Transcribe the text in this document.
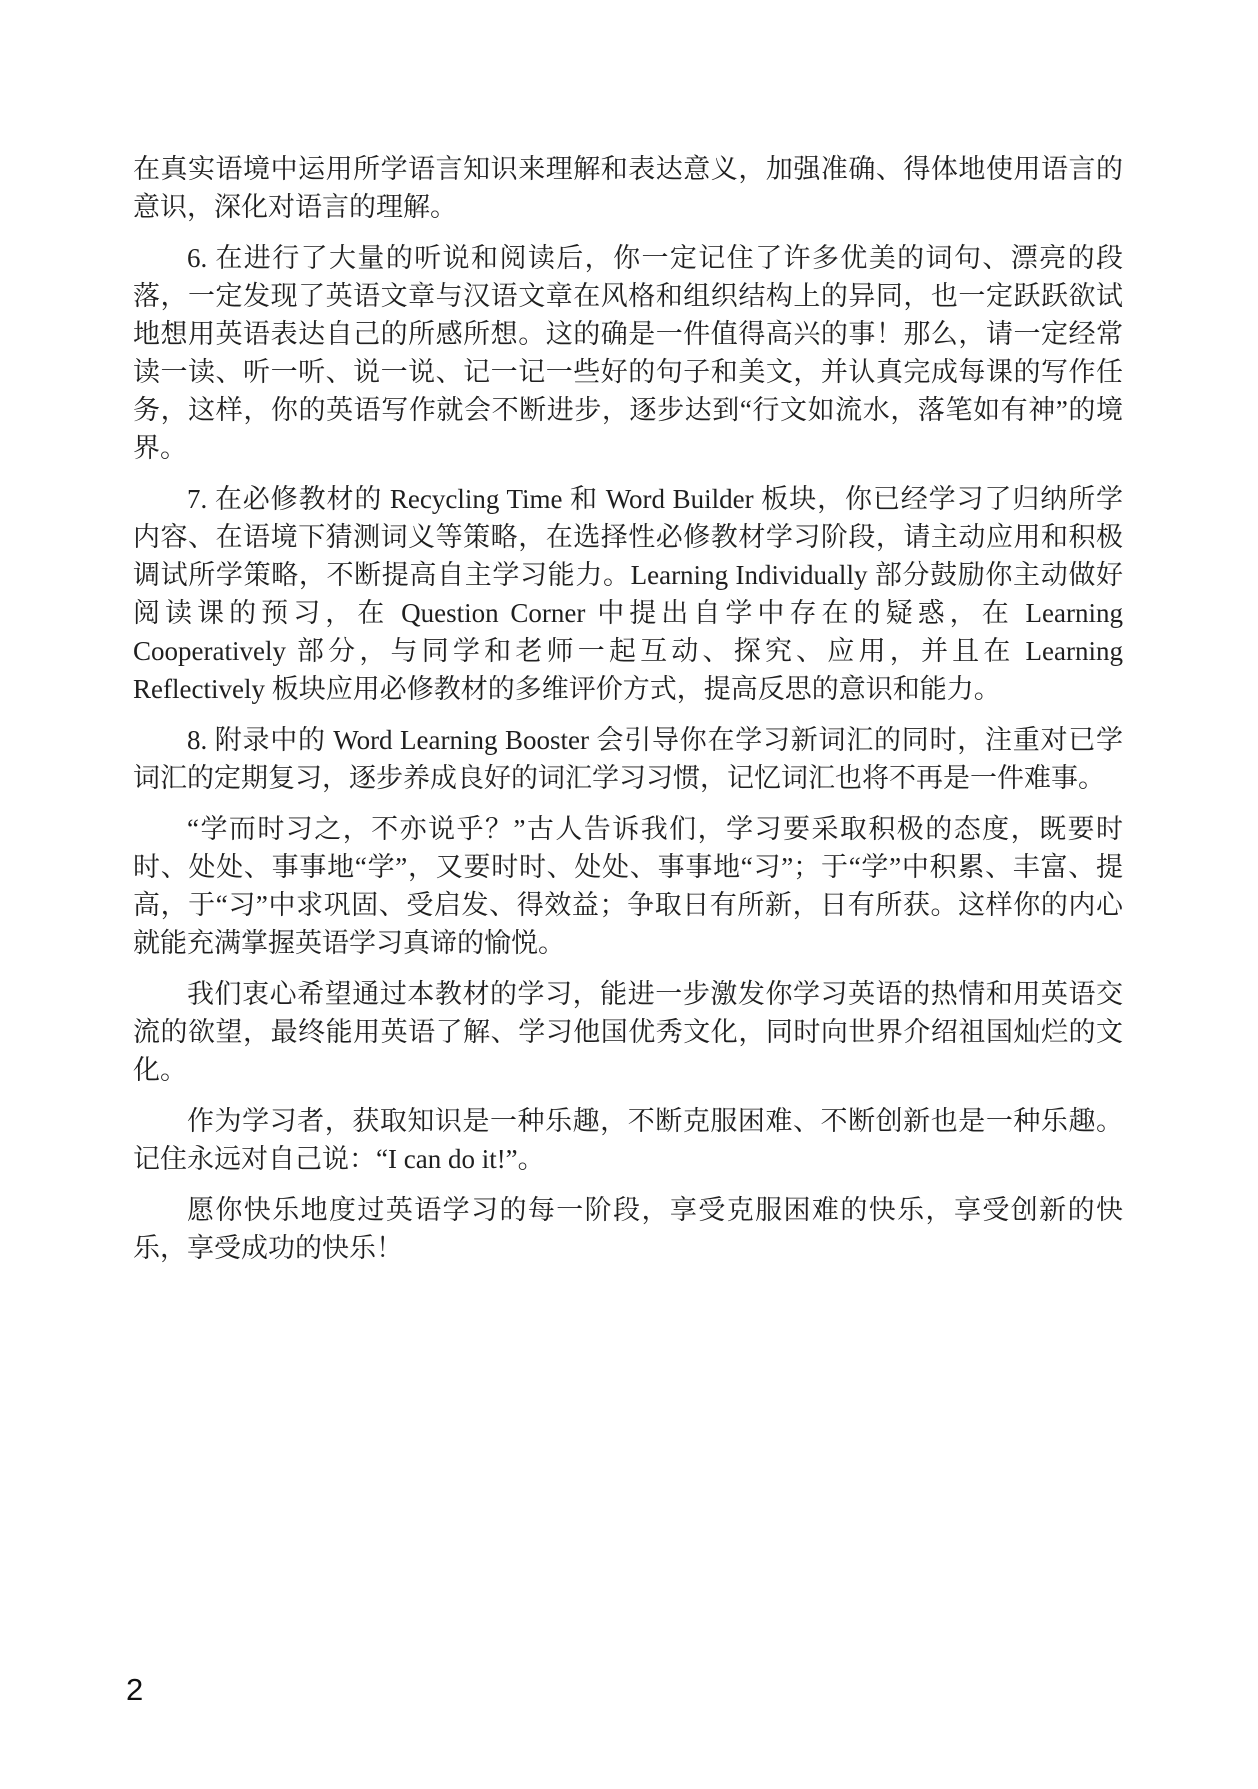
在真实语境中运用所学语言知识来理解和表达意义，加强准确、得体地使用语言的意识，深化对语言的理解。

6. 在进行了大量的听说和阅读后，你一定记住了许多优美的词句、漂亮的段落，一定发现了英语文章与汉语文章在风格和组织结构上的异同，也一定跃跃欲试地想用英语表达自己的所感所想。这的确是一件值得高兴的事！那么，请一定经常读一读、听一听、说一说、记一记一些好的句子和美文，并认真完成每课的写作任务，这样，你的英语写作就会不断进步，逐步达到“行文如流水，落笔如有神”的境界。

7. 在必修教材的 Recycling Time 和 Word Builder 板块，你已经学习了归纳所学内容、在语境下猜测词义等策略，在选择性必修教材学习阶段，请主动应用和积极调试所学策略，不断提高自主学习能力。Learning Individually 部分鼓励你主动做好阅读课的预习，在 Question Corner 中提出自学中存在的疑惑，在 Learning Cooperatively 部分，与同学和老师一起互动、探究、应用，并且在 Learning Reflectively 板块应用必修教材的多维评价方式，提高反思的意识和能力。

8. 附录中的 Word Learning Booster 会引导你在学习新词汇的同时，注重对已学词汇的定期复习，逐步养成良好的词汇学习习惯，记忆词汇也将不再是一件难事。

“学而时习之，不亦说乎？”古人告诉我们，学习要采取积极的态度，既要时时、处处、事事地“学”，又要时时、处处、事事地“习”；于“学”中积累、丰富、提高，于“习”中求巩固、受启发、得效益；争取日有所新，日有所获。这样你的内心就能充满掌握英语学习真谛的愉悦。

我们衷心希望通过本教材的学习，能进一步激发你学习英语的热情和用英语交流的欲望，最终能用英语了解、学习他国优秀文化，同时向世界介绍祖国灿烂的文化。

作为学习者，获取知识是一种乐趣，不断克服困难、不断创新也是一种乐趣。记住永远对自己说：“I can do it!”。

愿你快乐地度过英语学习的每一阶段，享受克服困难的快乐，享受创新的快乐，享受成功的快乐！

2
